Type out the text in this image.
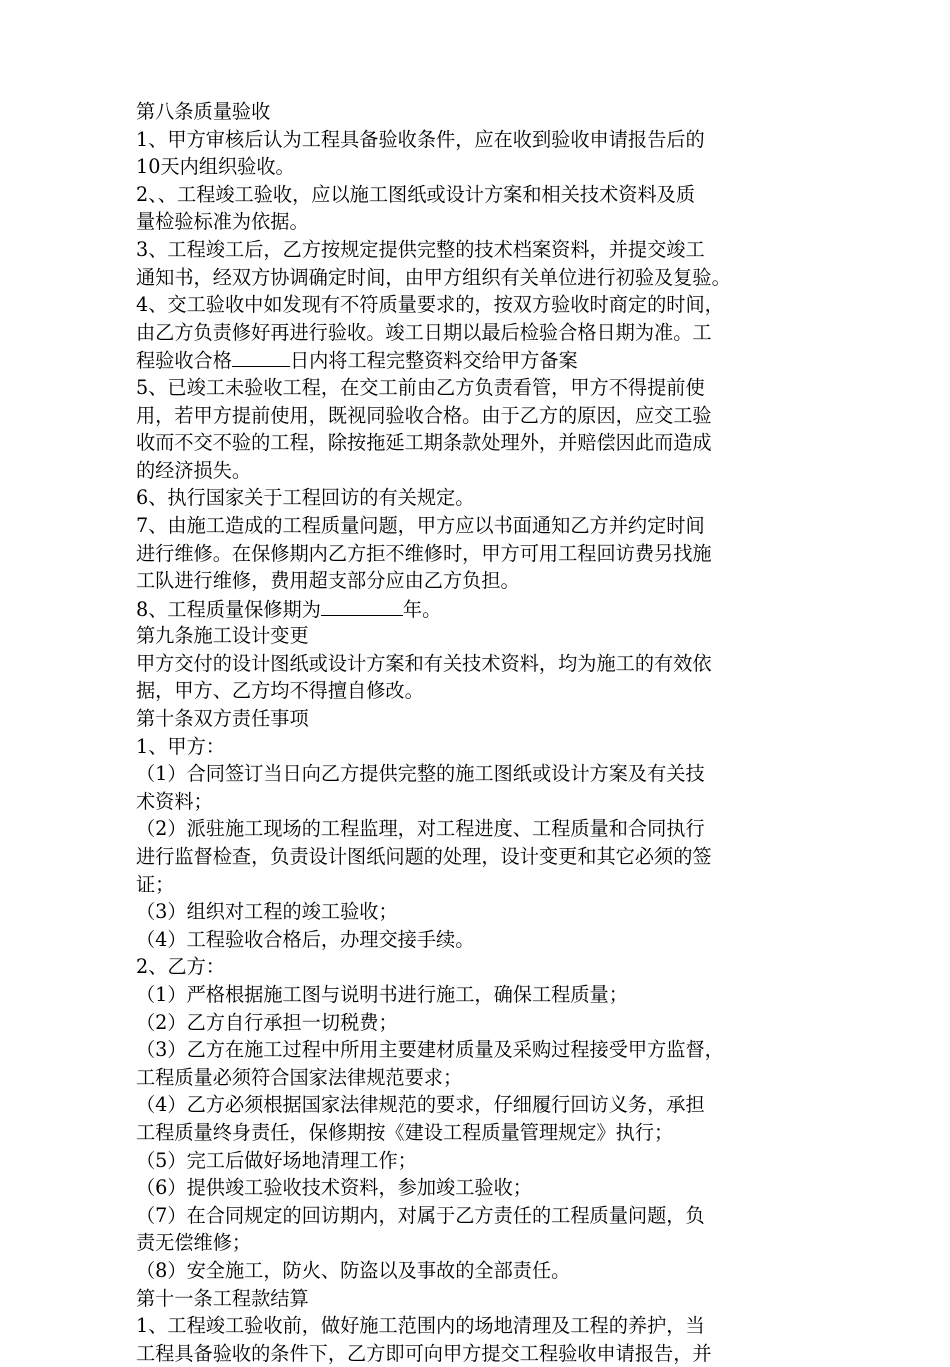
第八条质量验收
1、甲方审核后认为工程具备验收条件，应在收到验收申请报告后的
10天内组织验收。
2、、工程竣工验收，应以施工图纸或设计方案和相关技术资料及质
量检验标准为依据。
3、工程竣工后，乙方按规定提供完整的技术档案资料，并提交竣工
通知书，经双方协调确定时间，由甲方组织有关单位进行初验及复验。
4、交工验收中如发现有不符质量要求的，按双方验收时商定的时间，
由乙方负责修好再进行验收。竣工日期以最后检验合格日期为准。工
程验收合格	日内将工程完整资料交给甲方备案
5、已竣工未验收工程，在交工前由乙方负责看管，甲方不得提前使
用，若甲方提前使用，既视同验收合格。由于乙方的原因，应交工验
收而不交不验的工程，除按拖延工期条款处理外，并赔偿因此而造成
的经济损失。
6、执行国家关于工程回访的有关规定。
7、由施工造成的工程质量问题，甲方应以书面通知乙方并约定时间
进行维修。在保修期内乙方拒不维修时，甲方可用工程回访费另找施
工队进行维修，费用超支部分应由乙方负担。
8、工程质量保修期为	年。
第九条施工设计变更
甲方交付的设计图纸或设计方案和有关技术资料，均为施工的有效依
据，甲方、乙方均不得擅自修改。
第十条双方责任事项
1、甲方：
（1）合同签订当日向乙方提供完整的施工图纸或设计方案及有关技
术资料；
（2）派驻施工现场的工程监理，对工程进度、工程质量和合同执行
进行监督检查，负责设计图纸问题的处理，设计变更和其它必须的签
证；
（3）组织对工程的竣工验收；
（4）工程验收合格后，办理交接手续。
2、乙方：
（1）严格根据施工图与说明书进行施工，确保工程质量；
（2）乙方自行承担一切税费；
（3）乙方在施工过程中所用主要建材质量及采购过程接受甲方监督，
工程质量必须符合国家法律规范要求；
（4）乙方必须根据国家法律规范的要求，仔细履行回访义务，承担
工程质量终身责任，保修期按《建设工程质量管理规定》执行；
（5）完工后做好场地清理工作；
（6）提供竣工验收技术资料，参加竣工验收；
（7）在合同规定的回访期内，对属于乙方责任的工程质量问题，负
责无偿维修；
（8）安全施工，防火、防盗以及事故的全部责任。
第十一条工程款结算
1、工程竣工验收前，做好施工范围内的场地清理及工程的养护，当
工程具备验收的条件下，乙方即可向甲方提交工程验收申请报告，并
